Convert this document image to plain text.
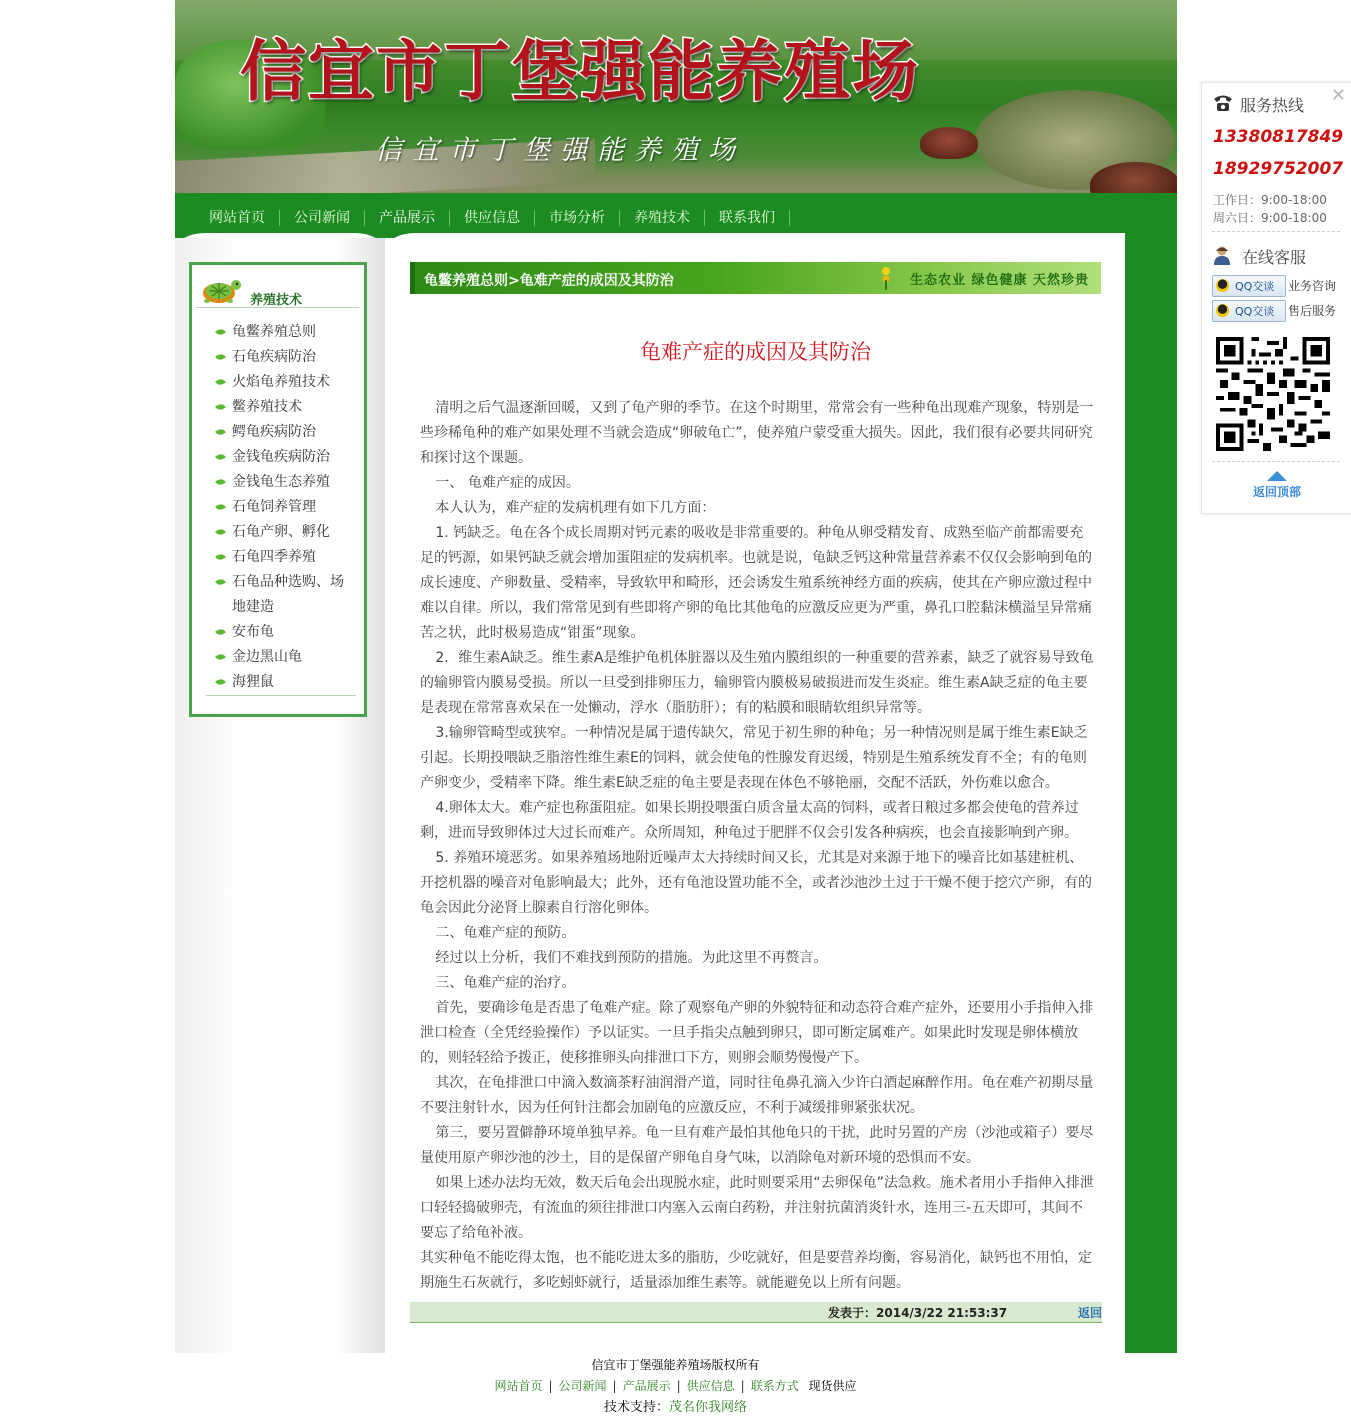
信宜市丁堡强能养殖场
信宜市丁堡强能养殖场
网站首页	公司新闻	产品展示	供应信息	市场分析	养殖技术	联系我们
养殖技术
龟鳖养殖总则
石龟疾病防治
火焰龟养殖技术
鳖养殖技术
鳄龟疾病防治
金钱龟疾病防治
金钱龟生态养殖
石龟饲养管理
石龟产卵、孵化
石龟四季养殖
石龟品种选购、场地建造
安布龟
金边黑山龟
海狸鼠
龟鳖养殖总则>龟难产症的成因及其防治	生态农业 绿色健康 天然珍贵
龟难产症的成因及其防治

清明之后气温逐渐回暖，又到了龟产卵的季节。在这个时期里，常常会有一些种龟出现难产现象，特别是一些珍稀龟种的难产如果处理不当就会造成“卵破龟亡”，使养殖户蒙受重大损失。因此，我们很有必要共同研究和探讨这个课题。

一、 龟难产症的成因。

本人认为，难产症的发病机理有如下几方面：

1. 钙缺乏。龟在各个成长周期对钙元素的吸收是非常重要的。种龟从卵受精发育、成熟至临产前都需要充足的钙源，如果钙缺乏就会增加蛋阻症的发病机率。也就是说，龟缺乏钙这种常量营养素不仅仅会影响到龟的成长速度、产卵数量、受精率，导致软甲和畸形，还会诱发生殖系统神经方面的疾病，使其在产卵应激过程中难以自律。所以，我们常常见到有些即将产卵的龟比其他龟的应激反应更为严重，鼻孔口腔黏沫横溢呈异常痛苦之状，此时极易造成“钳蛋”现象。

2．维生素A缺乏。维生素A是维护龟机体脏器以及生殖内膜组织的一种重要的营养素，缺乏了就容易导致龟的输卵管内膜易受损。所以一旦受到排卵压力，输卵管内膜极易破损进而发生炎症。维生素A缺乏症的龟主要是表现在常常喜欢呆在一处懒动，浮水（脂肪肝）；有的粘膜和眼睛软组织异常等。

3.输卵管畸型或狭窄。一种情况是属于遗传缺欠，常见于初生卵的种龟；另一种情况则是属于维生素E缺乏引起。长期投喂缺乏脂溶性维生素E的饲料，就会使龟的性腺发育迟缓，特别是生殖系统发育不全；有的龟则产卵变少，受精率下降。维生素E缺乏症的龟主要是表现在体色不够艳丽，交配不活跃，外伤难以愈合。

4.卵体太大。难产症也称蛋阻症。如果长期投喂蛋白质含量太高的饲料，或者日粮过多都会使龟的营养过剩，进而导致卵体过大过长而难产。众所周知，种龟过于肥胖不仅会引发各种病疾，也会直接影响到产卵。

5. 养殖环境恶劣。如果养殖场地附近噪声太大持续时间又长，尤其是对来源于地下的噪音比如基建桩机、开挖机器的噪音对龟影响最大；此外，还有龟池设置功能不全，或者沙池沙土过于干燥不便于挖穴产卵，有的龟会因此分泌肾上腺素自行溶化卵体。

二、龟难产症的预防。

经过以上分析，我们不难找到预防的措施。为此这里不再赘言。

三、龟难产症的治疗。

首先，要确诊龟是否患了龟难产症。除了观察龟产卵的外貌特征和动态符合难产症外，还要用小手指伸入排泄口检查（全凭经验操作）予以证实。一旦手指尖点触到卵只，即可断定属难产。如果此时发现是卵体横放的，则轻轻给予拨正，使移推卵头向排泄口下方，则卵会顺势慢慢产下。

其次，在龟排泄口中滴入数滴茶籽油润滑产道，同时往龟鼻孔滴入少许白酒起麻醉作用。龟在难产初期尽量不要注射针水，因为任何针注都会加剧龟的应激反应，不利于减缓排卵紧张状况。

第三，要另置僻静环境单独早养。龟一旦有难产最怕其他龟只的干扰，此时另置的产房（沙池或箱子）要尽量使用原产卵沙池的沙土，目的是保留产卵龟自身气味，以消除龟对新环境的恐惧而不安。

如果上述办法均无效，数天后龟会出现脱水症，此时则要采用“去卵保龟”法急救。施术者用小手指伸入排泄口轻轻捣破卵壳，有流血的须往排泄口内塞入云南白药粉，并注射抗菌消炎针水，连用三-五天即可，其间不要忘了给龟补液。

其实种龟不能吃得太饱，也不能吃进太多的脂肪，少吃就好，但是要营养均衡，容易消化，缺钙也不用怕，定期施生石灰就行，多吃蚓虾就行，适量添加维生素等。就能避免以上所有问题。

发表于：2014/3/22 21:53:37	返回
信宜市丁堡强能养殖场版权所有
网站首页 | 公司新闻 | 产品展示 | 供应信息 | 联系方式 现货供应
技术支持：茂名你我网络
✕
服务热线
13380817849
18929752007
工作日：9:00-18:00
周六日：9:00-18:00
在线客服
QQ交谈 业务咨询
QQ交谈 售后服务
返回顶部
